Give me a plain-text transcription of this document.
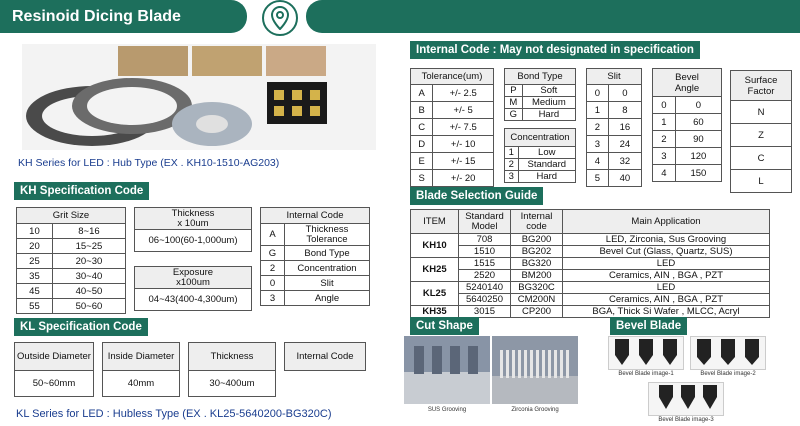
Resinoid Dicing Blade
KH Series for LED : Hub Type (EX . KH10-1510-AG203)
KH Specification Code
Grit Size	
10	8~16
20	15~25
25	20~30
35	30~40
45	40~50
55	50~60
Thickness
x 10um
06~100(60-1,000um)
Exposure
x100um
04~43(400-4,300um)
Internal Code	
A	Thickness Tolerance
G	Bond Type
2	Concentration
0	Slit
3	Angle
KL Specification Code
Outside Diameter
50~60mm
Inside Diameter
40mm
Thickness
30~400um
Internal Code
KL Series for LED : Hubless Type (EX . KL25-5640200-BG320C)
Internal Code : May not designated in specification
Tolerance(um)	
A	+/- 2.5
B	+/- 5
C	+/- 7.5
D	+/- 10
E	+/- 15
S	+/- 20
Bond Type	
P	Soft
M	Medium
G	Hard
Concentration	
1	Low
2	Standard
3	Hard
Slit	
0	0
1	8
2	16
3	24
4	32
5	40
Bevel
Angle	
0	0
1	60
2	90
3	120
4	150
Surface
Factor
N
Z
C
L
Blade Selection Guide
ITEM	Standard Model	Internal code	Main Application
KH10	708	BG200	LED, Zirconia, Sus Grooving
	1510	BG202	Bevel Cut (Glass, Quartz, SUS)
KH25	1515	BG320	LED
	2520	BM200	Ceramics, AIN , BGA , PZT
KL25	5240140	BG320C	LED
	5640250	CM200N	Ceramics, AIN , BGA , PZT
KH35	3015	CP200	BGA, Thick Si Wafer , MLCC, Acryl
Cut Shape
SUS Grooving	Zirconia Grooving
Bevel Blade
Bevel Blade image-1	Bevel Blade image-2
Bevel Blade image-3
